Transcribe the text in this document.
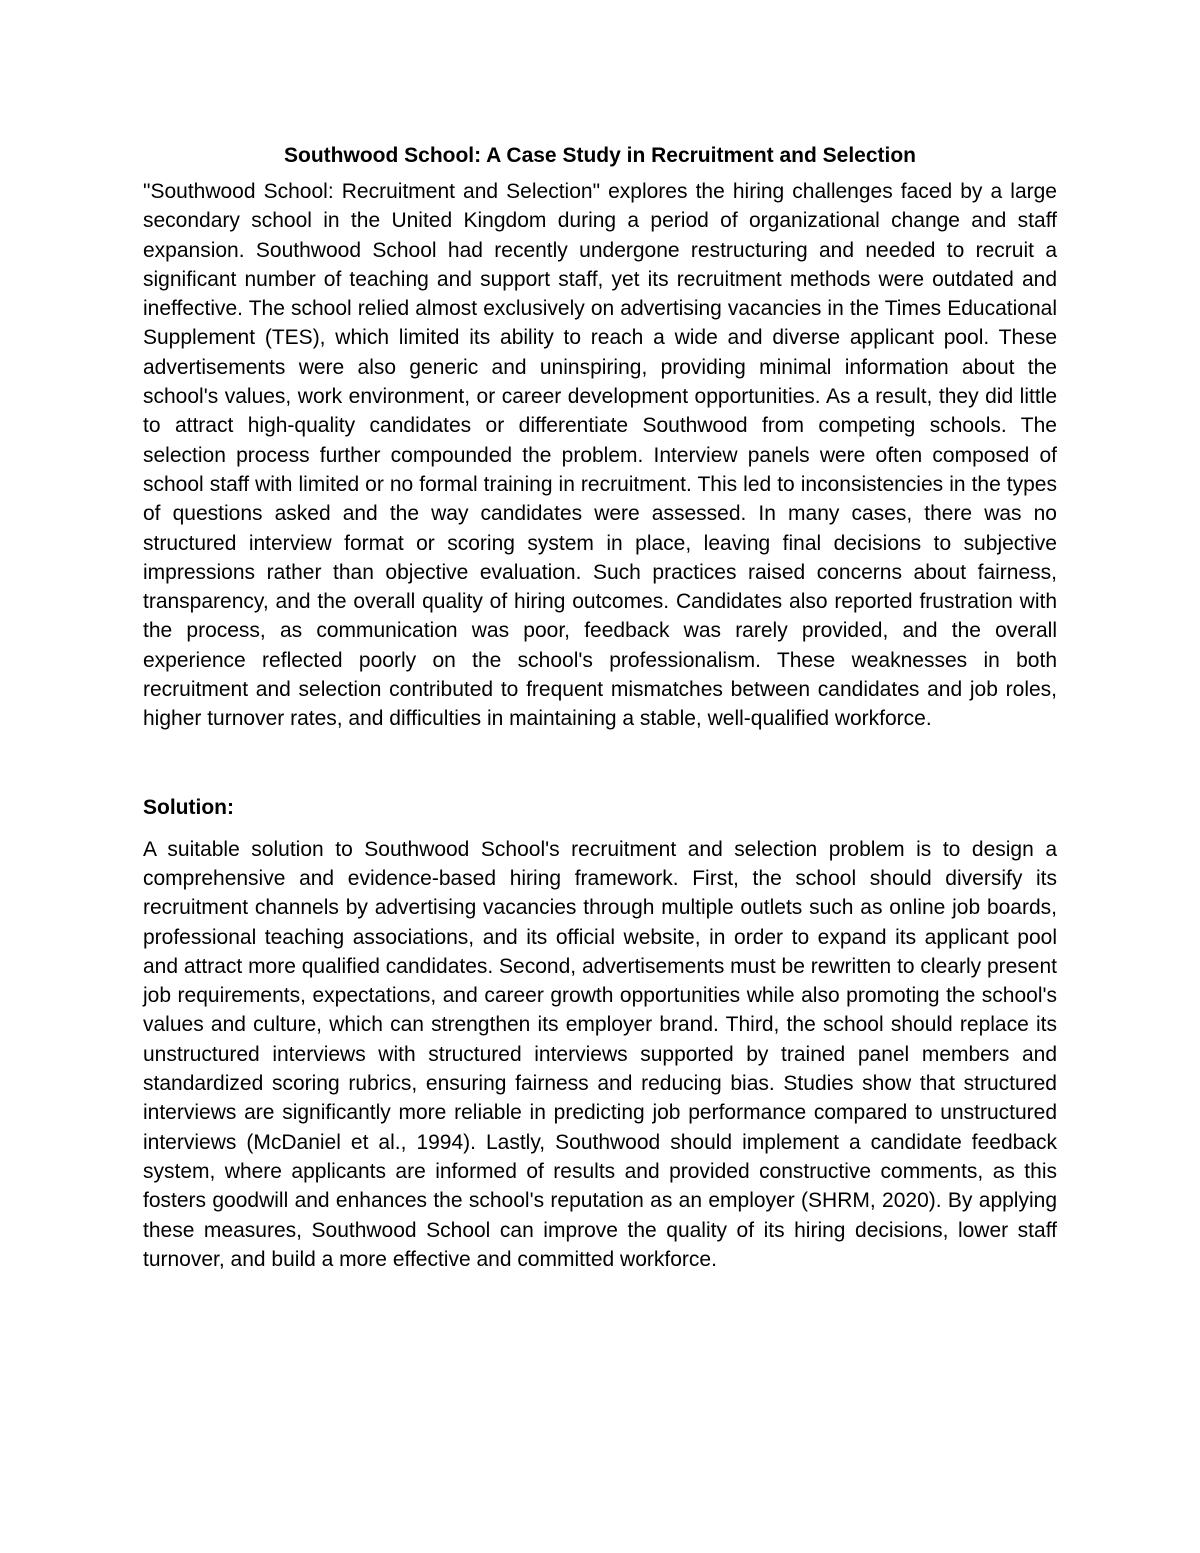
Southwood School: A Case Study in Recruitment and Selection

"Southwood School: Recruitment and Selection" explores the hiring challenges faced by a large secondary school in the United Kingdom during a period of organizational change and staff expansion. Southwood School had recently undergone restructuring and needed to recruit a significant number of teaching and support staff, yet its recruitment methods were outdated and ineffective. The school relied almost exclusively on advertising vacancies in the Times Educational Supplement (TES), which limited its ability to reach a wide and diverse applicant pool. These advertisements were also generic and uninspiring, providing minimal information about the school's values, work environment, or career development opportunities. As a result, they did little to attract high-quality candidates or differentiate Southwood from competing schools. The selection process further compounded the problem. Interview panels were often composed of school staff with limited or no formal training in recruitment. This led to inconsistencies in the types of questions asked and the way candidates were assessed. In many cases, there was no structured interview format or scoring system in place, leaving final decisions to subjective impressions rather than objective evaluation. Such practices raised concerns about fairness, transparency, and the overall quality of hiring outcomes. Candidates also reported frustration with the process, as communication was poor, feedback was rarely provided, and the overall experience reflected poorly on the school's professionalism. These weaknesses in both recruitment and selection contributed to frequent mismatches between candidates and job roles, higher turnover rates, and difficulties in maintaining a stable, well-qualified workforce.

Solution:

A suitable solution to Southwood School's recruitment and selection problem is to design a comprehensive and evidence-based hiring framework. First, the school should diversify its recruitment channels by advertising vacancies through multiple outlets such as online job boards, professional teaching associations, and its official website, in order to expand its applicant pool and attract more qualified candidates. Second, advertisements must be rewritten to clearly present job requirements, expectations, and career growth opportunities while also promoting the school's values and culture, which can strengthen its employer brand. Third, the school should replace its unstructured interviews with structured interviews supported by trained panel members and standardized scoring rubrics, ensuring fairness and reducing bias. Studies show that structured interviews are significantly more reliable in predicting job performance compared to unstructured interviews (McDaniel et al., 1994). Lastly, Southwood should implement a candidate feedback system, where applicants are informed of results and provided constructive comments, as this fosters goodwill and enhances the school's reputation as an employer (SHRM, 2020). By applying these measures, Southwood School can improve the quality of its hiring decisions, lower staff turnover, and build a more effective and committed workforce.
